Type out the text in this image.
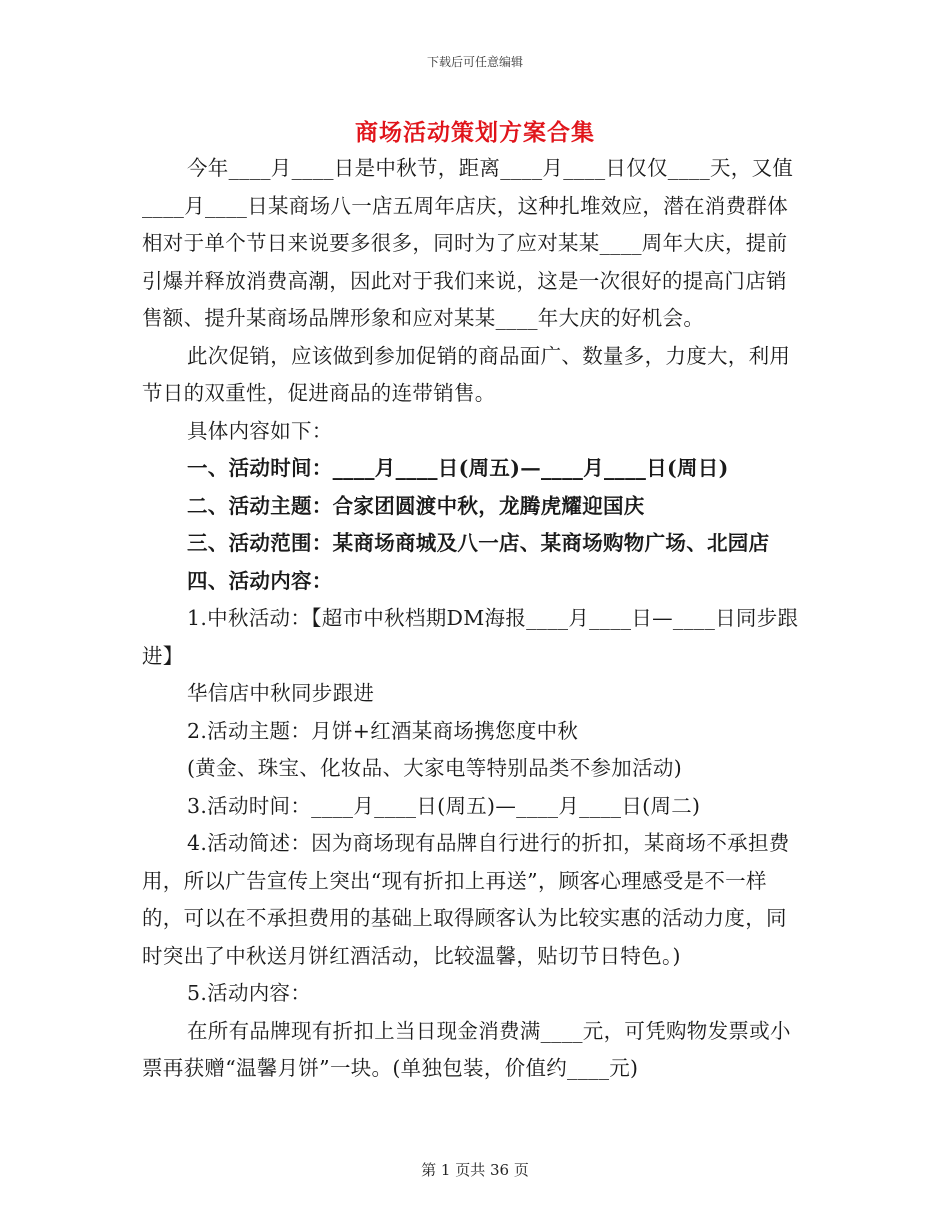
下载后可任意编辑
商场活动策划方案合集

今年____月____日是中秋节，距离____月____日仅仅____天，又值____月____日某商场八一店五周年店庆，这种扎堆效应，潜在消费群体相对于单个节日来说要多很多，同时为了应对某某____周年大庆，提前引爆并释放消费高潮，因此对于我们来说，这是一次很好的提高门店销售额、提升某商场品牌形象和应对某某____年大庆的好机会。

此次促销，应该做到参加促销的商品面广、数量多，力度大，利用节日的双重性，促进商品的连带销售。

具体内容如下：

一、活动时间：____月____日(周五)—____月____日(周日)

二、活动主题：合家团圆渡中秋，龙腾虎耀迎国庆

三、活动范围：某商场商城及八一店、某商场购物广场、北园店

四、活动内容：

1.中秋活动：【超市中秋档期DM海报____月____日—____日同步跟进】

华信店中秋同步跟进

2.活动主题：月饼+红酒某商场携您度中秋

(黄金、珠宝、化妆品、大家电等特别品类不参加活动)

3.活动时间：____月____日(周五)—____月____日(周二)

4.活动简述：因为商场现有品牌自行进行的折扣，某商场不承担费用，所以广告宣传上突出“现有折扣上再送”，顾客心理感受是不一样的，可以在不承担费用的基础上取得顾客认为比较实惠的活动力度，同时突出了中秋送月饼红酒活动，比较温馨，贴切节日特色。)

5.活动内容：

在所有品牌现有折扣上当日现金消费满____元，可凭购物发票或小票再获赠“温馨月饼”一块。(单独包装，价值约____元)

第 1 页共 36 页
